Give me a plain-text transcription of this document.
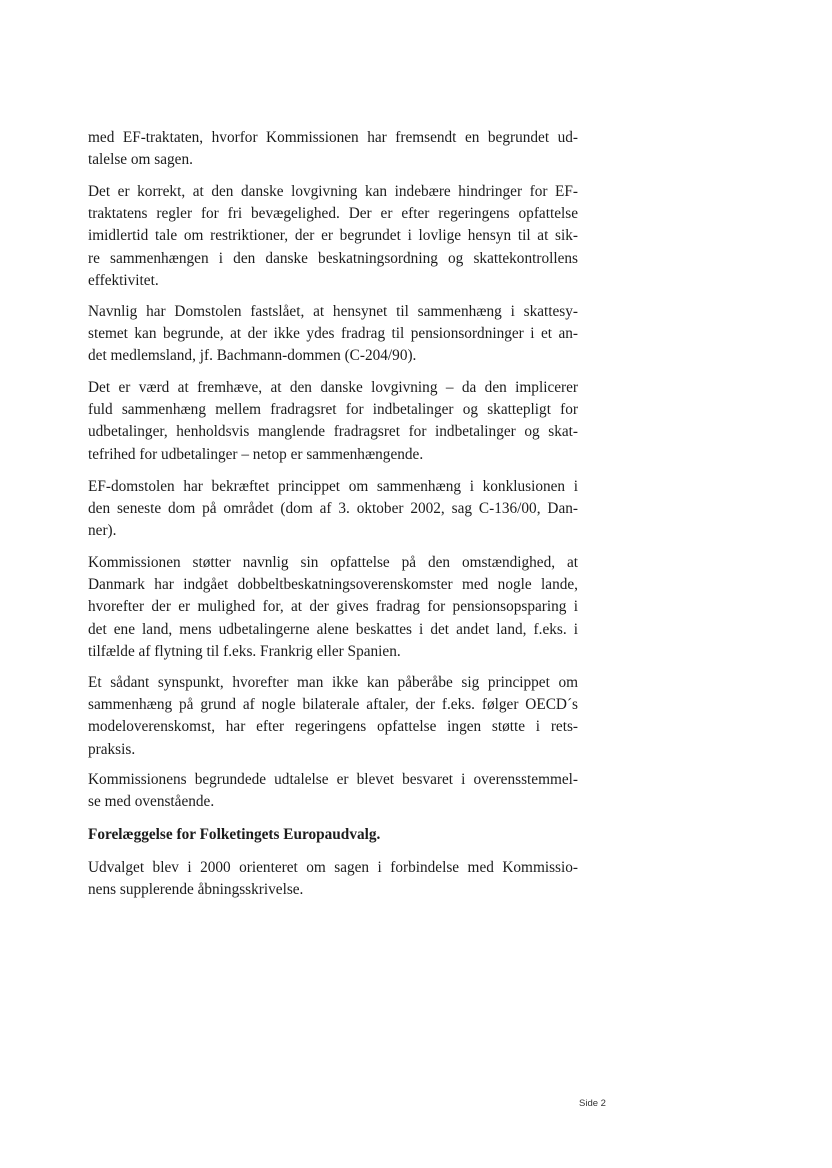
med EF-traktaten, hvorfor Kommissionen har fremsendt en begrundet ud-
talelse om sagen.

Det er korrekt, at den danske lovgivning kan indebære hindringer for EF-
traktatens regler for fri bevægelighed. Der er efter regeringens opfattelse
imidlertid tale om restriktioner, der er begrundet i lovlige hensyn til at sik-
re sammenhængen i den danske beskatningsordning og skattekontrollens
effektivitet.

Navnlig har Domstolen fastslået, at hensynet til sammenhæng i skattesy-
stemet kan begrunde, at der ikke ydes fradrag til pensionsordninger i et an-
det medlemsland, jf. Bachmann-dommen (C-204/90).

Det er værd at fremhæve, at den danske lovgivning – da den implicerer
fuld sammenhæng mellem fradragsret for indbetalinger og skattepligt for
udbetalinger, henholdsvis manglende fradragsret for indbetalinger og skat-
tefrihed for udbetalinger – netop er sammenhængende.

EF-domstolen har bekræftet princippet om sammenhæng i konklusionen i
den seneste dom på området (dom af 3. oktober 2002, sag C-136/00, Dan-
ner).

Kommissionen støtter navnlig sin opfattelse på den omstændighed, at
Danmark har indgået dobbeltbeskatningsoverenskomster med nogle lande,
hvorefter der er mulighed for, at der gives fradrag for pensionsopsparing i
det ene land, mens udbetalingerne alene beskattes i det andet land, f.eks. i
tilfælde af flytning til f.eks. Frankrig eller Spanien.

Et sådant synspunkt, hvorefter man ikke kan påberåbe sig princippet om
sammenhæng på grund af nogle bilaterale aftaler, der f.eks. følger OECD´s
modeloverenskomst, har efter regeringens opfattelse ingen støtte i rets-
praksis.

Kommissionens begrundede udtalelse er blevet besvaret i overensstemmel-
se med ovenstående.

Forelæggelse for Folketingets Europaudvalg.

Udvalget blev i 2000 orienteret om sagen i forbindelse med Kommissio-
nens supplerende åbningsskrivelse.

Side 2
